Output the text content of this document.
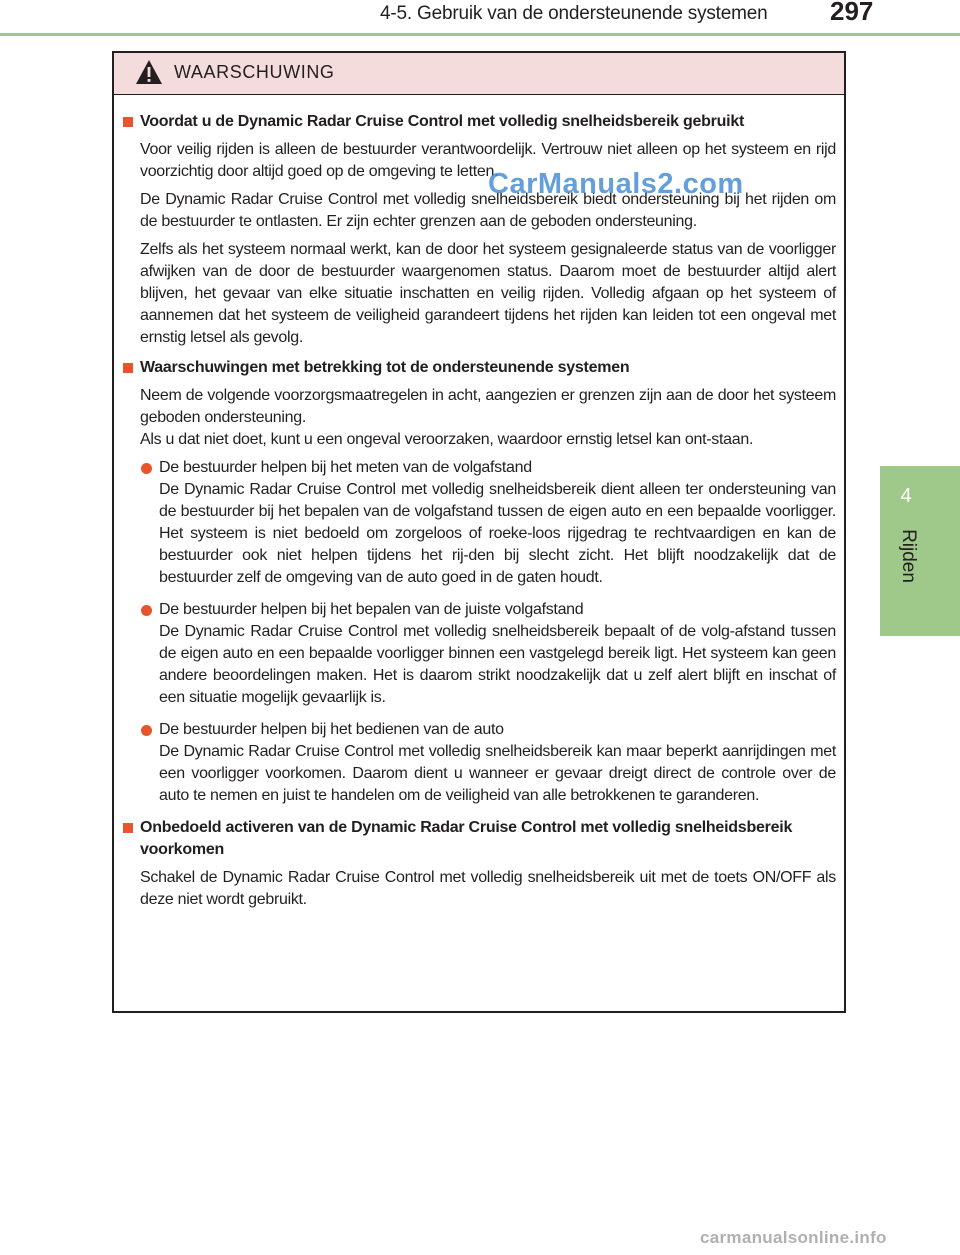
4-5. Gebruik van de ondersteunende systemen 297
4
Rijden
WAARSCHUWING
Voordat u de Dynamic Radar Cruise Control met volledig snelheidsbereik gebruikt

Voor veilig rijden is alleen de bestuurder verantwoordelijk. Vertrouw niet alleen op het systeem en rijd voorzichtig door altijd goed op de omgeving te letten.

De Dynamic Radar Cruise Control met volledig snelheidsbereik biedt ondersteuning bij het rijden om de bestuurder te ontlasten. Er zijn echter grenzen aan de geboden ondersteuning.

Zelfs als het systeem normaal werkt, kan de door het systeem gesignaleerde status van de voorligger afwijken van de door de bestuurder waargenomen status. Daarom moet de bestuurder altijd alert blijven, het gevaar van elke situatie inschatten en veilig rijden. Volledig afgaan op het systeem of aannemen dat het systeem de veiligheid garandeert tijdens het rijden kan leiden tot een ongeval met ernstig letsel als gevolg.

Waarschuwingen met betrekking tot de ondersteunende systemen

Neem de volgende voorzorgsmaatregelen in acht, aangezien er grenzen zijn aan de door het systeem geboden ondersteuning.

Als u dat niet doet, kunt u een ongeval veroorzaken, waardoor ernstig letsel kan ont-staan.

De bestuurder helpen bij het meten van de volgafstand
De Dynamic Radar Cruise Control met volledig snelheidsbereik dient alleen ter ondersteuning van de bestuurder bij het bepalen van de volgafstand tussen de eigen auto en een bepaalde voorligger. Het systeem is niet bedoeld om zorgeloos of roeke-loos rijgedrag te rechtvaardigen en kan de bestuurder ook niet helpen tijdens het rij-den bij slecht zicht. Het blijft noodzakelijk dat de bestuurder zelf de omgeving van de auto goed in de gaten houdt.
De bestuurder helpen bij het bepalen van de juiste volgafstand
De Dynamic Radar Cruise Control met volledig snelheidsbereik bepaalt of de volg-afstand tussen de eigen auto en een bepaalde voorligger binnen een vastgelegd bereik ligt. Het systeem kan geen andere beoordelingen maken. Het is daarom strikt noodzakelijk dat u zelf alert blijft en inschat of een situatie mogelijk gevaarlijk is.
De bestuurder helpen bij het bedienen van de auto
De Dynamic Radar Cruise Control met volledig snelheidsbereik kan maar beperkt aanrijdingen met een voorligger voorkomen. Daarom dient u wanneer er gevaar dreigt direct de controle over de auto te nemen en juist te handelen om de veiligheid van alle betrokkenen te garanderen.
Onbedoeld activeren van de Dynamic Radar Cruise Control met volledig snelheidsbereik voorkomen

Schakel de Dynamic Radar Cruise Control met volledig snelheidsbereik uit met de toets ON/OFF als deze niet wordt gebruikt.

CarManuals2.com
carmanualsonline.info
